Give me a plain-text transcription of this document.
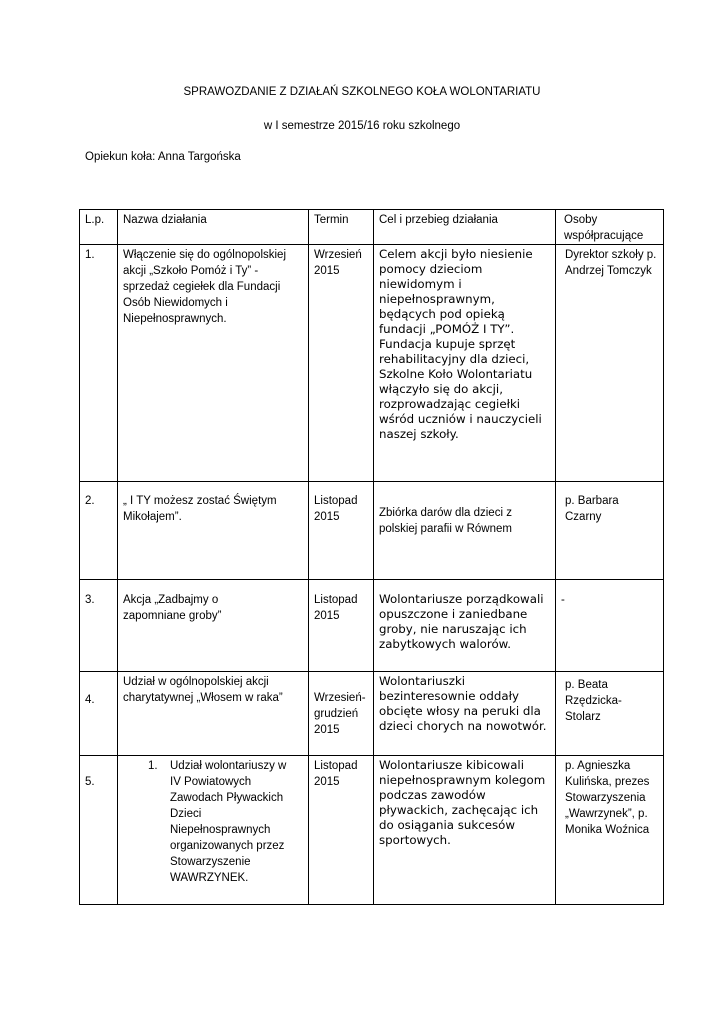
SPRAWOZDANIE Z DZIAŁAŃ SZKOLNEGO KOŁA WOLONTARIATU
w I semestrze 2015/16 roku szkolnego
Opiekun koła: Anna Targońska
L.p.	Nazwa działania	Termin	Cel i przebieg działania	Osoby współpracujące
1.	Włączenie się do ogólnopolskiej akcji „Szkoło Pomóż i Ty” - sprzedaż cegiełek dla Fundacji Osób Niewidomych i Niepełnosprawnych.	Wrzesień 2015	Celem akcji było niesienie pomocy dzieciom niewidomym i niepełnosprawnym, będących pod opieką fundacji „POMÓŻ I TY”. Fundacja kupuje sprzęt rehabilitacyjny dla dzieci, Szkolne Koło Wolontariatu włączyło się do akcji, rozprowadzając cegiełki wśród uczniów i nauczycieli naszej szkoły.	Dyrektor szkoły p. Andrzej Tomczyk
2.	„ I TY możesz zostać Świętym Mikołajem”.	Listopad 2015	Zbiórka darów dla dzieci z polskiej parafii w Równem	p. Barbara Czarny
3.	Akcja „Zadbajmy o zapomniane groby”	Listopad 2015	Wolontariusze porządkowali opuszczone i zaniedbane groby, nie naruszając ich zabytkowych walorów.	-
4.	Udział w ogólnopolskiej akcji charytatywnej „Włosem w raka”	Wrzesień-grudzień 2015	Wolontariuszki bezinteresownie oddały obcięte włosy na peruki dla dzieci chorych na nowotwór.	p. Beata Rzędzicka-Stolarz
5.	1. Udział wolontariuszy w IV Powiatowych Zawodach Pływackich Dzieci Niepełnosprawnych organizowanych przez Stowarzyszenie WAWRZYNEK.	Listopad 2015	Wolontariusze kibicowali niepełnosprawnym kolegom podczas zawodów pływackich, zachęcając ich do osiągania sukcesów sportowych.	p. Agnieszka Kulińska, prezes Stowarzyszenia „Wawrzynek”, p. Monika Woźnica
